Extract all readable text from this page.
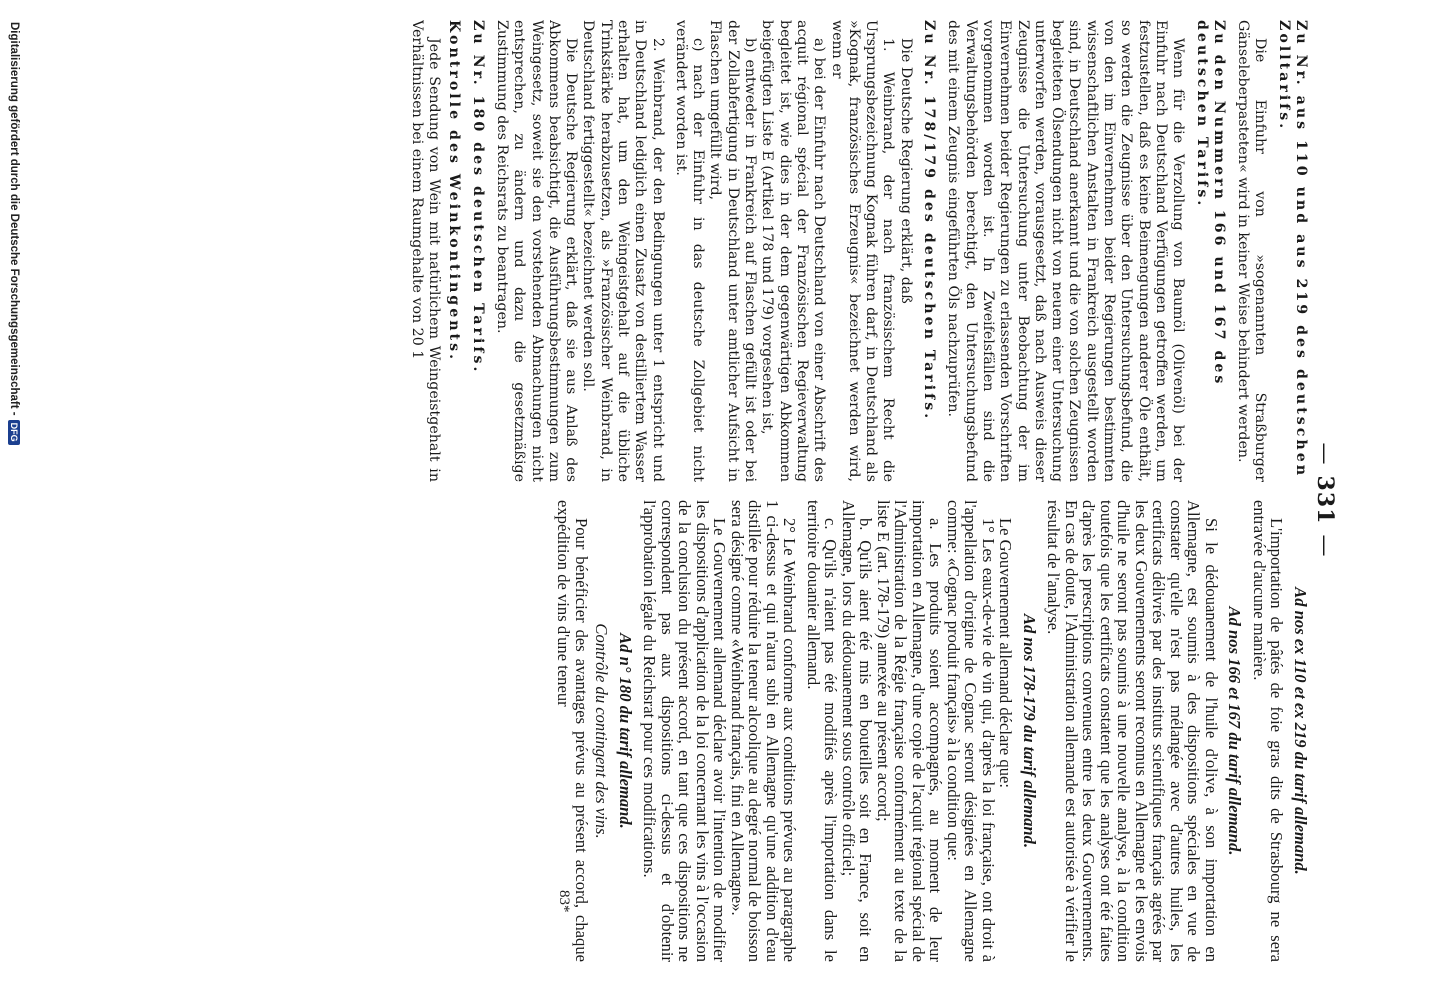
—331—

Ad nos ex 110 et ex 219 du tarif allemand.

L'importation de pâtés de foie gras dits de Strasbourg ne sera entravée d'aucune manière.

Ad nos 166 et 167 du tarif allemand.

Si le dédouanement de l'huile d'olive, à son importation en Allemagne, est soumis à des dispositions spéciales en vue de constater qu'elle n'est pas mélangée avec d'autres huiles, les certificats délivrés par des instituts scientifiques français agréés par les deux Gouvernements seront reconnus en Allemagne et les envois d'huile ne seront pas soumis à une nouvelle analyse, à la condition toutefois que les certificats constatent que les analyses ont été faites d'après les prescriptions convenues entre les deux Gouvernements. En cas de doute, l'Administration allemande est autorisée à vérifier le résultat de l'analyse.

Ad nos 178-179 du tarif allemand.

Le Gouvernement allemand déclare que:

1° Les eaux-de-vie de vin qui, d'après la loi française, ont droit à l'appellation d'origine de Cognac seront désignées en Allemagne comme: «Cognac produit français» à la condition que:

a. Les produits soient accompagnés, au moment de leur importation en Allemagne, d'une copie de l'acquit régional spécial de l'Administration de la Régie française conformément au texte de la liste E (art. 178-179) annexée au présent accord;

b. Qu'ils aient été mis en bouteilles soit en France, soit en Allemagne, lors du dédouanement sous contrôle officiel;

c. Qu'ils n'aient pas été modifiés après l'importation dans le territoire douanier allemand.

2° Le Weinbrand conforme aux conditions prévues au paragraphe 1 ci-dessus et qui n'aura subi en Allemagne qu'une addition d'eau distillée pour réduire la teneur alcoolique au degré normal de boisson sera désigné comme «Weinbrand français, fini en Allemagne».

Le Gouvernement allemand déclare avoir l'intention de modifier les dispositions d'application de la loi concernant les vins à l'occasion de la conclusion du présent accord, en tant que ces dispositions ne correspondent pas aux dispositions ci-dessus et d'obtenir l'approbation légale du Reichsrat pour ces modifications.

Ad n° 180 du tarif allemand.

Contrôle du contingent des vins.

Pour bénéficier des avantages prévus au présent accord, chaque expédition de vins d'une teneur

Zu Nr. aus 110 und aus 219 des deutschen Zolltarifs.

Die Einfuhr von »sogenannten Straßburger Gänseleberpasteten« wird in keiner Weise behindert werden.

Zu den Nummern 166 und 167 des deutschen Tarifs.

Wenn für die Verzollung von Baumöl (Olivenöl) bei der Einfuhr nach Deutschland Verfügungen getroffen werden, um festzustellen, daß es keine Beimengungen anderer Öle enthält, so werden die Zeugnisse über den Untersuchungsbefund, die von den im Einvernehmen beider Regierungen bestimmten wissenschaftlichen Anstalten in Frankreich ausgestellt worden sind, in Deutschland anerkannt und die von solchen Zeugnissen begleiteten Ölsendungen nicht von neuem einer Untersuchung unterworfen werden, vorausgesetzt, daß nach Ausweis dieser Zeugnisse die Untersuchung unter Beobachtung der im Einvernehmen beider Regierungen zu erlassenden Vorschriften vorgenommen worden ist. In Zweifelsfällen sind die Verwaltungsbehörden berechtigt, den Untersuchungsbefund des mit einem Zeugnis eingeführten Öls nachzuprüfen.

Zu Nr. 178/179 des deutschen Tarifs.

Die Deutsche Regierung erklärt, daß

1. Weinbrand, der nach französischem Recht die Ursprungsbezeichnung Kognak führen darf, in Deutschland als »Kognak, französisches Erzeugnis« bezeichnet werden wird, wenn er

a) bei der Einfuhr nach Deutschland von einer Abschrift des acquit régional spécial der Französischen Regieverwaltung begleitet ist, wie dies in der dem gegenwärtigen Abkommen beigefügten Liste E (Artikel 178 und 179) vorgesehen ist,

b) entweder in Frankreich auf Flaschen gefüllt ist oder bei der Zollabfertigung in Deutschland unter amtlicher Aufsicht in Flaschen umgefüllt wird,

c) nach der Einfuhr in das deutsche Zollgebiet nicht verändert worden ist.

2. Weinbrand, der den Bedingungen unter 1 entspricht und in Deutschland lediglich einen Zusatz von destilliertem Wasser erhalten hat, um den Weingeistgehalt auf die übliche Trinkstärke herabzusetzen, als »Französischer Weinbrand, in Deutschland fertiggestellt« bezeichnet werden soll.

Die Deutsche Regierung erklärt, daß sie aus Anlaß des Abkommens beabsichtigt, die Ausführungsbestimmungen zum Weingesetz, soweit sie den vorstehenden Abmachungen nicht entsprechen, zu ändern und dazu die gesetzmäßige Zustimmung des Reichsrats zu beantragen.

Zu Nr. 180 des deutschen Tarifs.

Kontrolle des Weinkontingents.

Jede Sendung von Wein mit natürlichem Weingeistgehalt in Verhältnissen bei einem Raumgehalte von 20 1

83*
Digitalisierung gefördert durch die Deutsche Forschungsgemeinschaft -DFG
